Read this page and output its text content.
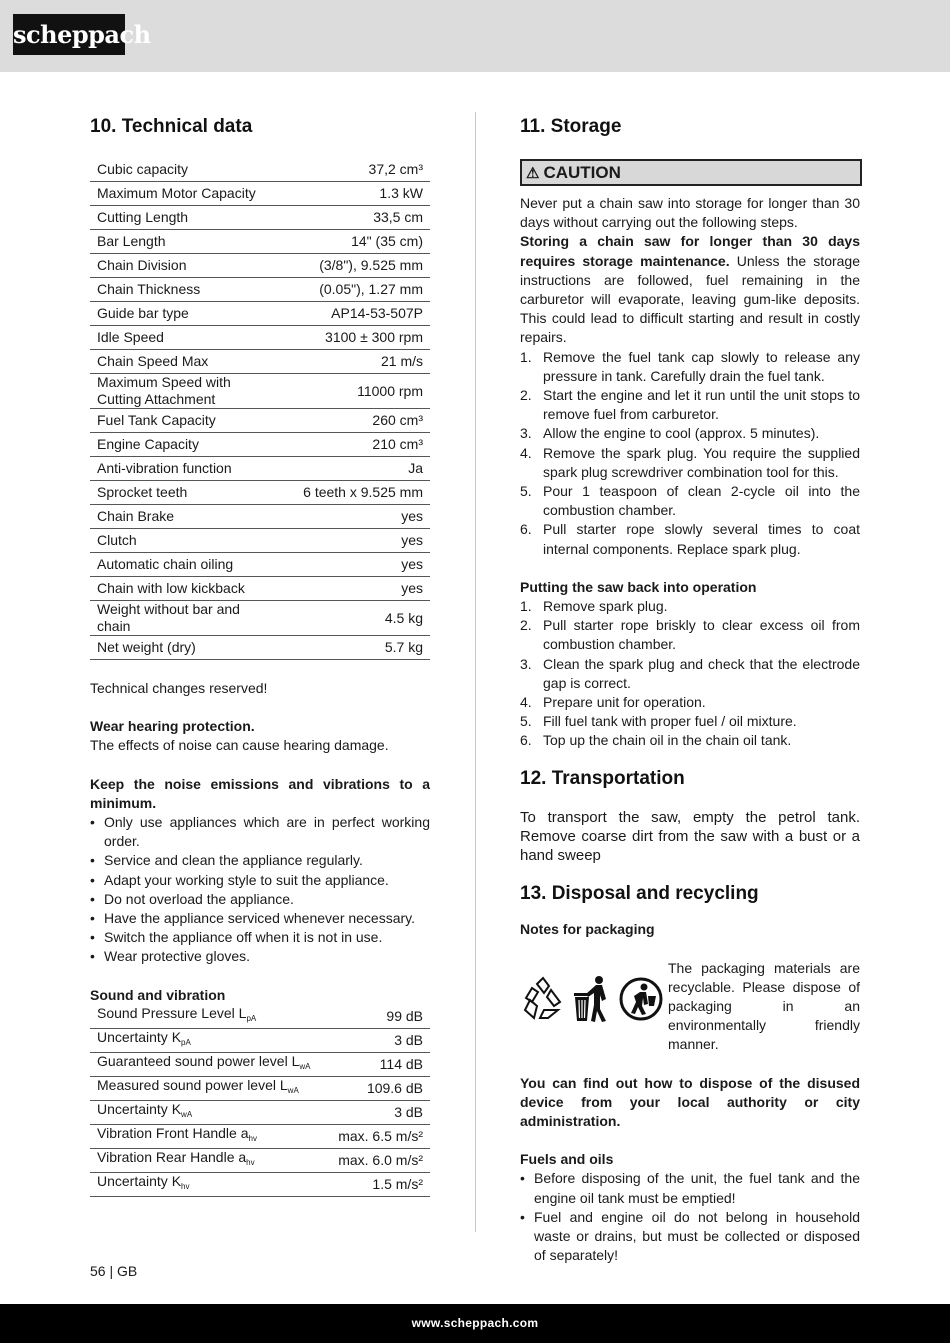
scheppach
10. Technical data
Cubic capacity	37,2 cm³
Maximum Motor Capacity	1.3 kW
Cutting Length	33,5 cm
Bar Length	14" (35 cm)
Chain Division	(3/8"), 9.525 mm
Chain Thickness	(0.05"), 1.27 mm
Guide bar type	AP14-53-507P
Idle Speed	3100 ± 300 rpm
Chain Speed Max	21 m/s
Maximum Speed with Cutting Attachment	11000 rpm
Fuel Tank Capacity	260 cm³
Engine Capacity	210 cm³
Anti-vibration function	Ja
Sprocket teeth	6 teeth x 9.525 mm
Chain Brake	yes
Clutch	yes
Automatic chain oiling	yes
Chain with low kickback	yes
Weight without bar and chain	4.5 kg
Net weight (dry)	5.7 kg

Technical changes reserved!

Wear hearing protection.

The effects of noise can cause hearing damage.

Keep the noise emissions and vibrations to a minimum.

• Only use appliances which are in perfect working order.
• Service and clean the appliance regularly.
• Adapt your working style to suit the appliance.
• Do not overload the appliance.
• Have the appliance serviced whenever necessary.
• Switch the appliance off when it is not in use.
• Wear protective gloves.

Sound and vibration

Sound Pressure Level $L_{pA}$	99 dB
Uncertainty $K_{pA}$	3 dB
Guaranteed sound power level $L_{wA}$	114 dB
Measured sound power level $L_{wA}$	109.6 dB
Uncertainty $K_{wA}$	3 dB
Vibration Front Handle $a_{hv}$	max. 6.5 m/s²
Vibration Rear Handle $a_{hv}$	max. 6.0 m/s²
Uncertainty $K_{hv}$	1.5 m/s²
11. Storage
⚠ CAUTION

Never put a chain saw into storage for longer than 30 days without carrying out the following steps.

Storing a chain saw for longer than 30 days requires storage maintenance. Unless the storage instructions are followed, fuel remaining in the carburetor will evaporate, leaving gum-like deposits. This could lead to difficult starting and result in costly repairs.

1. Remove the fuel tank cap slowly to release any pressure in tank. Carefully drain the fuel tank.
2. Start the engine and let it run until the unit stops to remove fuel from carburetor.
3. Allow the engine to cool (approx. 5 minutes).
4. Remove the spark plug. You require the supplied spark plug screwdriver combination tool for this.
5. Pour 1 teaspoon of clean 2-cycle oil into the combustion chamber.
6. Pull starter rope slowly several times to coat internal components. Replace spark plug.

Putting the saw back into operation

1. Remove spark plug.
2. Pull starter rope briskly to clear excess oil from combustion chamber.
3. Clean the spark plug and check that the electrode gap is correct.
4. Prepare unit for operation.
5. Fill fuel tank with proper fuel / oil mixture.
6. Top up the chain oil in the chain oil tank.
12. Transportation

To transport the saw, empty the petrol tank. Remove coarse dirt from the saw with a bust or a hand sweep

13. Disposal and recycling

Notes for packaging

The packaging materials are recyclable. Please dispose of packaging in an environmentally friendly manner.

You can find out how to dispose of the disused device from your local authority or city administration.

Fuels and oils

• Before disposing of the unit, the fuel tank and the engine oil tank must be emptied!
• Fuel and engine oil do not belong in household waste or drains, but must be collected or disposed of separately!
56 | GB
www.scheppach.com
